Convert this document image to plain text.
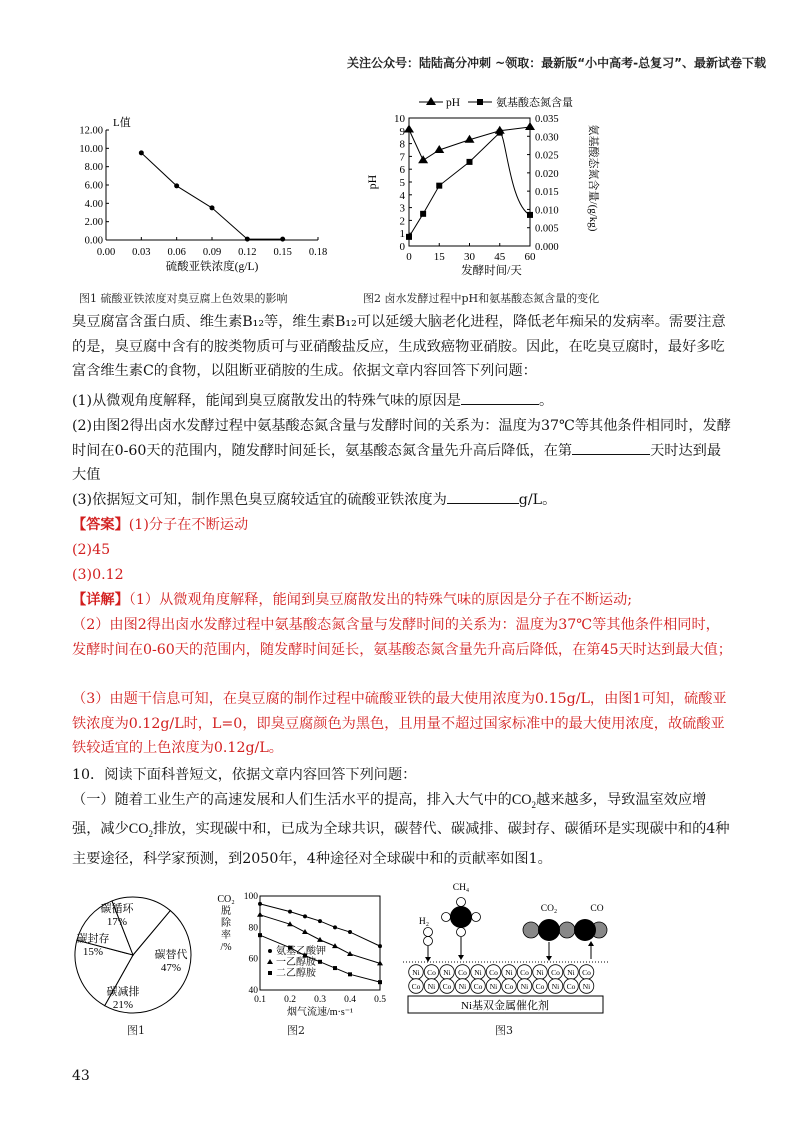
关注公众号：陆陆高分冲刺 ~领取：最新版“小中高考-总复习”、最新试卷下载
0.00
2.00
4.00
6.00
8.00
10.00
12.00
0.00 0.03 0.06 0.09 0.12 0.15 0.18
L值
硫酸亚铁浓度(g/L)
图1 硫酸亚铁浓度对臭豆腐上色效果的影响
0
1
2
3
4
5
6
7
8
9
10
0.000
0.005
0.010
0.015
0.020
0.025
0.030
0.035
0 15 30 45 60
发酵时间/天
pH	氨基酸态氮含量/(g/kg)
pH	氨基酸态氮含量
图2 卤水发酵过程中pH和氨基酸态氮含量的变化

臭豆腐富含蛋白质、维生素B₁₂等，维生素B₁₂可以延缓大脑老化进程，降低老年痴呆的发病率。需要注意的是，臭豆腐中含有的胺类物质可与亚硝酸盐反应，生成致癌物亚硝胺。因此，在吃臭豆腐时，最好多吃富含维生素C的食物，以阻断亚硝胺的生成。依据文章内容回答下列问题：

(1)从微观角度解释，能闻到臭豆腐散发出的特殊气味的原因是	。

(2)由图2得出卤水发酵过程中氨基酸态氮含量与发酵时间的关系为：温度为37℃等其他条件相同时，发酵时间在0-60天的范围内，随发酵时间延长，氨基酸态氮含量先升高后降低，在第	天时达到最大值

(3)依据短文可知，制作黑色臭豆腐较适宜的硫酸亚铁浓度为	g/L。

【答案】(1)分子在不断运动

(2)45

(3)0.12

【详解】（1）从微观角度解释，能闻到臭豆腐散发出的特殊气味的原因是分子在不断运动;

（2）由图2得出卤水发酵过程中氨基酸态氮含量与发酵时间的关系为：温度为37℃等其他条件相同时，发酵时间在0-60天的范围内，随发酵时间延长，氨基酸态氮含量先升高后降低，在第45天时达到最大值；

（3）由题干信息可知，在臭豆腐的制作过程中硫酸亚铁的最大使用浓度为0.15g/L，由图1可知，硫酸亚铁浓度为0.12g/L时，L=0，即臭豆腐颜色为黑色，且用量不超过国家标准中的最大使用浓度，故硫酸亚铁较适宜的上色浓度为0.12g/L。

10．阅读下面科普短文，依据文章内容回答下列问题：

（一）随着工业生产的高速发展和人们生活水平的提高，排入大气中的$CO_2$越来越多，导致温室效应增强，减少$CO_2$排放，实现碳中和，已成为全球共识，碳替代、碳减排、碳封存、碳循环是实现碳中和的4种主要途径，科学家预测，到2050年，4种途径对全球碳中和的贡献率如图1。

碳替代
47%
碳减排
21%
碳封存
15%
碳循环
17%
图1
40
60
80
100
0.1 0.2 0.3 0.4 0.5
烟气流速/m·s⁻¹
CO₂
脱
除
率
/%	氨基乙酸钾
一乙醇胺
二乙醇胺
图2
Ni基双金属催化剂
Ni Co Ni Co Ni Co Ni Co Ni Co Ni Co
Co Ni Co Ni Co Ni Co Ni Co Ni Co Ni
H₂
CH₄
CO₂	CO
图3
43
